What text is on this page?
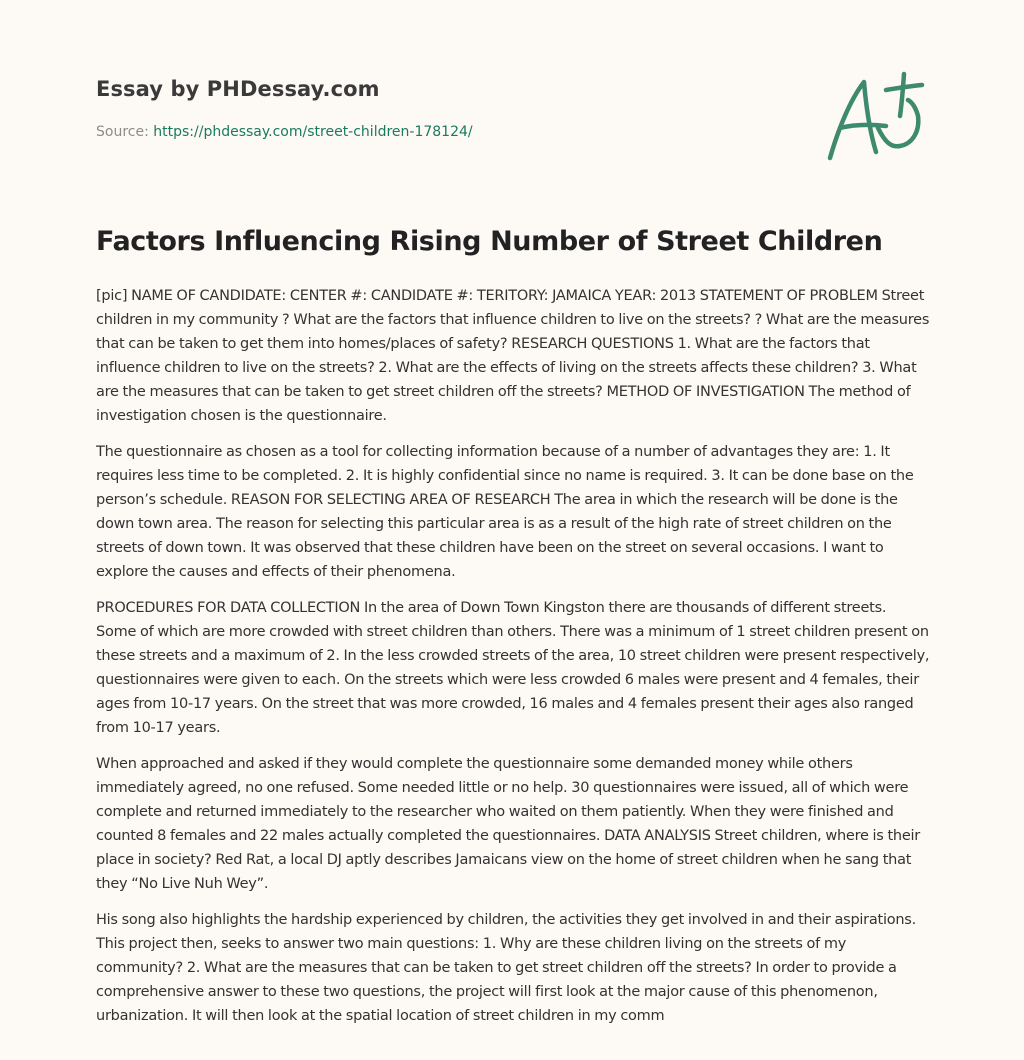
Essay by PHDessay.com

Source: https://phdessay.com/street-children-178124/

Factors Influencing Rising Number of Street Children

[pic] NAME OF CANDIDATE: CENTER #: CANDIDATE #: TERITORY: JAMAICA YEAR: 2013 STATEMENT OF PROBLEM Street children in my community ? What are the factors that influence children to live on the streets? ? What are the measures that can be taken to get them into homes/places of safety? RESEARCH QUESTIONS 1. What are the factors that influence children to live on the streets? 2. What are the effects of living on the streets affects these children? 3. What are the measures that can be taken to get street children off the streets? METHOD OF INVESTIGATION The method of investigation chosen is the questionnaire.

The questionnaire as chosen as a tool for collecting information because of a number of advantages they are: 1. It requires less time to be completed. 2. It is highly confidential since no name is required. 3. It can be done base on the person’s schedule. REASON FOR SELECTING AREA OF RESEARCH The area in which the research will be done is the down town area. The reason for selecting this particular area is as a result of the high rate of street children on the streets of down town. It was observed that these children have been on the street on several occasions. I want to explore the causes and effects of their phenomena.

PROCEDURES FOR DATA COLLECTION In the area of Down Town Kingston there are thousands of different streets. Some of which are more crowded with street children than others. There was a minimum of 1 street children present on these streets and a maximum of 2. In the less crowded streets of the area, 10 street children were present respectively, questionnaires were given to each. On the streets which were less crowded 6 males were present and 4 females, their ages from 10-17 years. On the street that was more crowded, 16 males and 4 females present their ages also ranged from 10-17 years.

When approached and asked if they would complete the questionnaire some demanded money while others immediately agreed, no one refused. Some needed little or no help. 30 questionnaires were issued, all of which were complete and returned immediately to the researcher who waited on them patiently. When they were finished and counted 8 females and 22 males actually completed the questionnaires. DATA ANALYSIS Street children, where is their place in society? Red Rat, a local DJ aptly describes Jamaicans view on the home of street children when he sang that they “No Live Nuh Wey”.

His song also highlights the hardship experienced by children, the activities they get involved in and their aspirations. This project then, seeks to answer two main questions: 1. Why are these children living on the streets of my community? 2. What are the measures that can be taken to get street children off the streets? In order to provide a comprehensive answer to these two questions, the project will first look at the major cause of this phenomenon, urbanization. It will then look at the spatial location of street children in my comm
